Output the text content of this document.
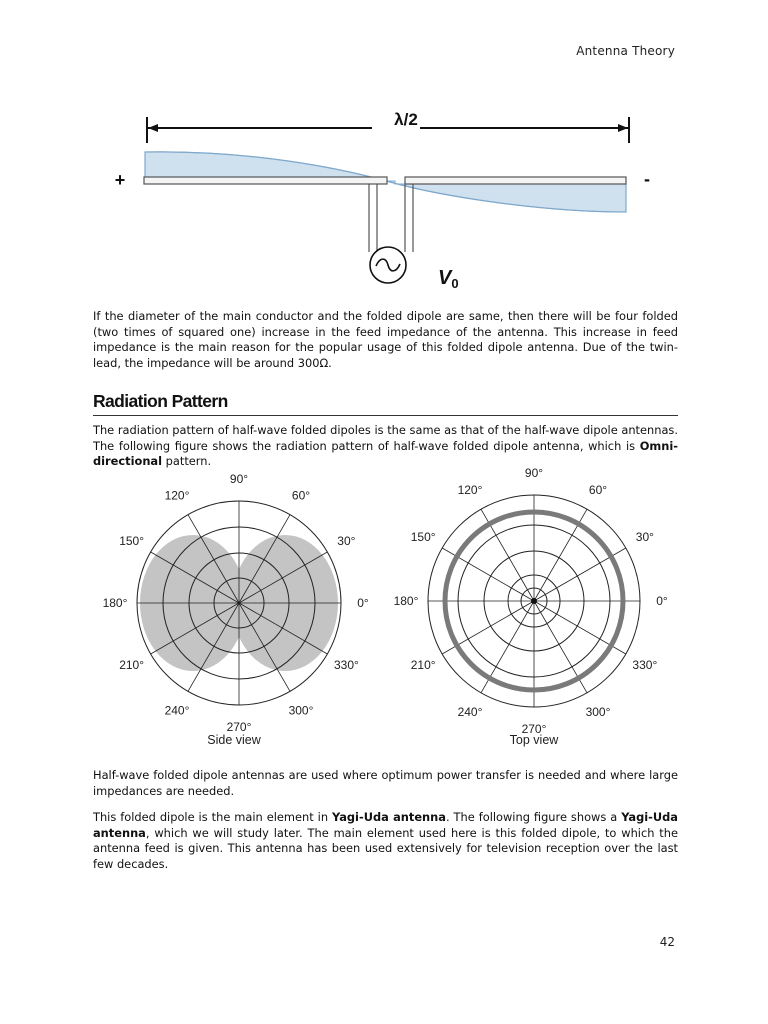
Antenna Theory
λ/2
+	-
$V_0$

If the diameter of the main conductor and the folded dipole are same, then there will be four folded (two times of squared one) increase in the feed impedance of the antenna. This increase in feed impedance is the main reason for the popular usage of this folded dipole antenna. Due of the twin-lead, the impedance will be around 300Ω.

Radiation Pattern

The radiation pattern of half-wave folded dipoles is the same as that of the half-wave dipole antennas. The following figure shows the radiation pattern of half-wave folded dipole antenna, which is Omni-directional pattern.

0°
30°
60°
90°
120°
150°
180°
210°
240°
270°
300°
330°
Side view
0°
30°
60°
90°
120°
150°
180°
210°
240°
270°
300°
330°
Top view

Half-wave folded dipole antennas are used where optimum power transfer is needed and where large impedances are needed.

This folded dipole is the main element in Yagi-Uda antenna. The following figure shows a Yagi-Uda antenna, which we will study later. The main element used here is this folded dipole, to which the antenna feed is given. This antenna has been used extensively for television reception over the last few decades.

42
